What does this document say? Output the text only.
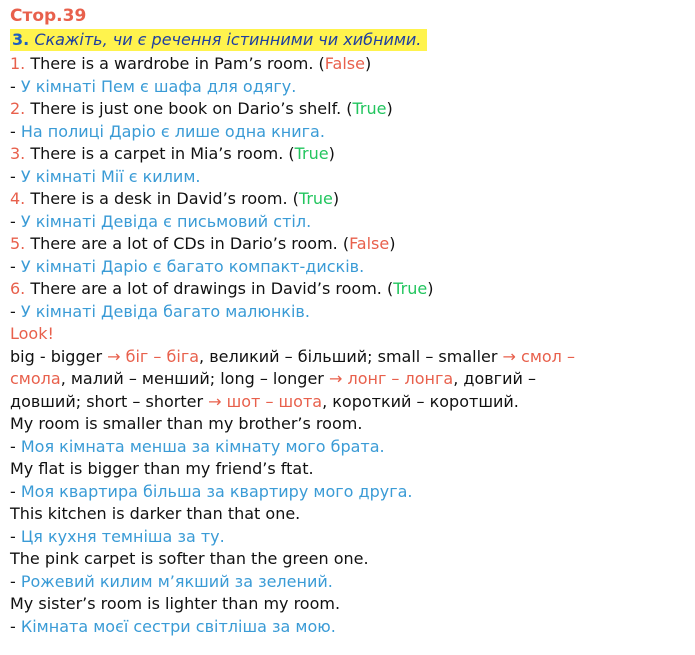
Стор.39
3. Скажіть, чи є речення істинними чи хибними.
1. There is a wardrobe in Pam’s room. (False)
- У кімнаті Пем є шафа для одягу.
2. There is just one book on Dario’s shelf. (True)
- На полиці Даріо є лише одна книга.
3. There is a carpet in Mia’s room. (True)
- У кімнаті Мії є килим.
4. There is a desk in David’s room. (True)
- У кімнаті Девіда є письмовий стіл.
5. There are a lot of CDs in Dario’s room. (False)
- У кімнаті Даріо є багато компакт-дисків.
6. There are a lot of drawings in David’s room. (True)
- У кімнаті Девіда багато малюнків.
Look!
big - bigger → біг – біга, великий – більший; small – smaller → смол –
смола, малий – менший; long – longer → лонг – лонга, довгий –
довший; short – shorter → шот – шота, короткий – коротший.
My room is smaller than my brother’s room.
- Моя кімната менша за кімнату мого брата.
My flat is bigger than my friend’s ftat.
- Моя квартира більша за квартиру мого друга.
This kitchen is darker than that one.
- Ця кухня темніша за ту.
The pink carpet is softer than the green one.
- Рожевий килим м’якший за зелений.
My sister’s room is lighter than my room.
- Кімната моєї сестри світліша за мою.
